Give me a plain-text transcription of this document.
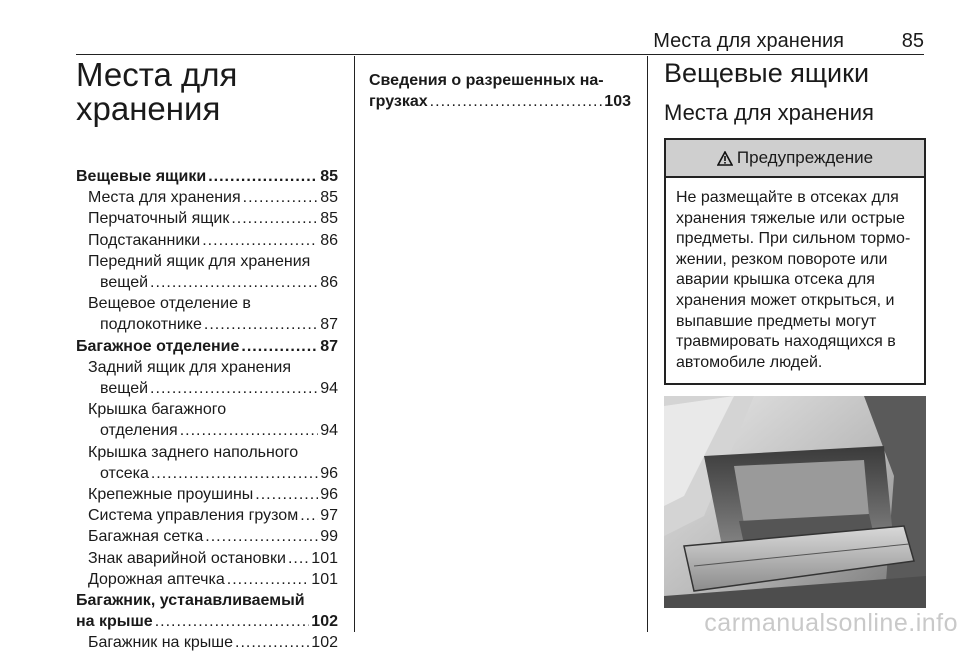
Места для хранения	85
Места для
хранения
Вещевые ящики .....	85
Места для хранения .....	85
Перчаточный ящик .....	85
Подстаканники .....	86
Передний ящик для хранения
вещей .....	86
Вещевое отделение в
подлокотнике .....	87
Багажное отделение .....	87
Задний ящик для хранения
вещей .....	94
Крышка багажного
отделения .....	94
Крышка заднего напольного
отсека .....	96
Крепежные проушины .....	96
Система управления грузом ..... 97
Багажная сетка .....	99
Знак аварийной остановки ..... 101
Дорожная аптечка .....	101
Багажник, устанавливаемый
на крыше .....	102
Багажник на крыше .....	102
Сведения о разрешенных на-
грузках .....	103
Вещевые ящики
Места для хранения
Предупреждение
Не размещайте в отсеках для хранения тяжелые или острые предметы. При сильном торможении, резком повороте или аварии крышка отсека для хранения может открыться, и выпавшие предметы могут травмировать находящихся в автомобиле людей.
carmanualsonline.info
